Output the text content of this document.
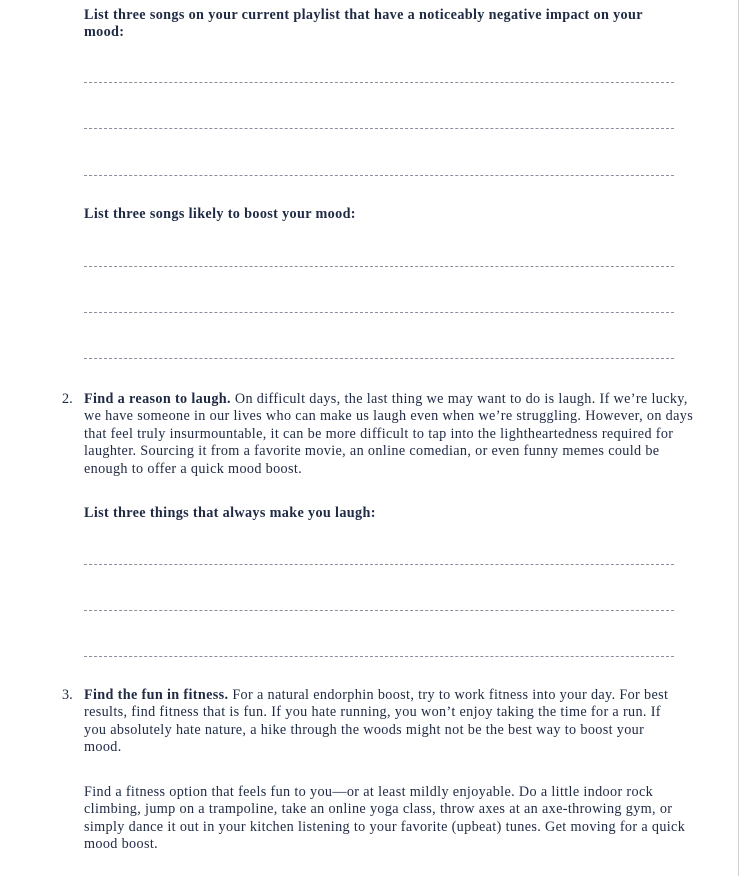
List three songs on your current playlist that have a noticeably negative impact on your mood:
List three songs likely to boost your mood:
2. Find a reason to laugh. On difficult days, the last thing we may want to do is laugh. If we’re lucky, we have someone in our lives who can make us laugh even when we’re struggling. However, on days that feel truly insurmountable, it can be more difficult to tap into the lightheartedness required for laughter. Sourcing it from a favorite movie, an online comedian, or even funny memes could be enough to offer a quick mood boost.
List three things that always make you laugh:
3. Find the fun in fitness. For a natural endorphin boost, try to work fitness into your day. For best results, find fitness that is fun. If you hate running, you won’t enjoy taking the time for a run. If you absolutely hate nature, a hike through the woods might not be the best way to boost your mood.
Find a fitness option that feels fun to you—or at least mildly enjoyable. Do a little indoor rock climbing, jump on a trampoline, take an online yoga class, throw axes at an axe-throwing gym, or simply dance it out in your kitchen listening to your favorite (upbeat) tunes. Get moving for a quick mood boost.
